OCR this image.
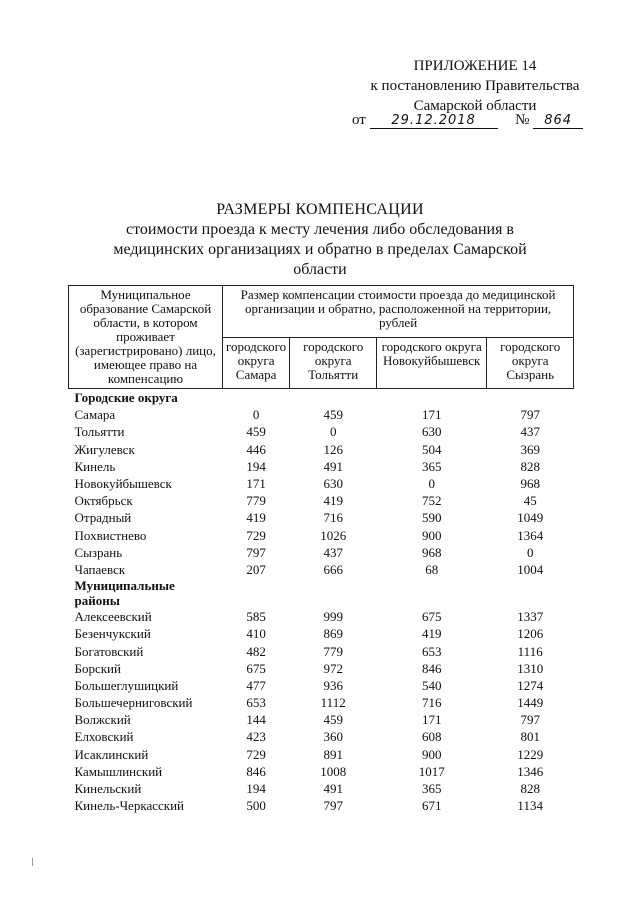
ПРИЛОЖЕНИЕ 14
к постановлению Правительства
Самарской области
от 29.12.2018	№ 864
РАЗМЕРЫ КОМПЕНСАЦИИ
стоимости проезда к месту лечения либо обследования в медицинских организациях и обратно в пределах Самарской области
Муниципальное образование Самарской области, в котором проживает (зарегистрировано) лицо, имеющее право на компенсацию	Размер компенсации стоимости проезда до медицинской организации и обратно, расположенной на территории, рублей			
	городского округа Самара	городского округа Тольятти	городского округа Новокуйбышевск	городского округа Сызрань
Городские округа				
Самара	0	459	171	797
Тольятти	459	0	630	437
Жигулевск	446	126	504	369
Кинель	194	491	365	828
Новокуйбышевск	171	630	0	968
Октябрьск	779	419	752	45
Отрадный	419	716	590	1049
Похвистнево	729	1026	900	1364
Сызрань	797	437	968	0
Чапаевск	207	666	68	1004

Муниципальные районы				

Алексеевский	585	999	675	1337
Безенчукский	410	869	419	1206
Богатовский	482	779	653	1116
Борский	675	972	846	1310
Большеглушицкий	477	936	540	1274
Большечерниговский	653	1112	716	1449
Волжский	144	459	171	797
Елховский	423	360	608	801
Исаклинский	729	891	900	1229
Камышлинский	846	1008	1017	1346
Кинельский	194	491	365	828
Кинель-Черкасский	500	797	671	1134
